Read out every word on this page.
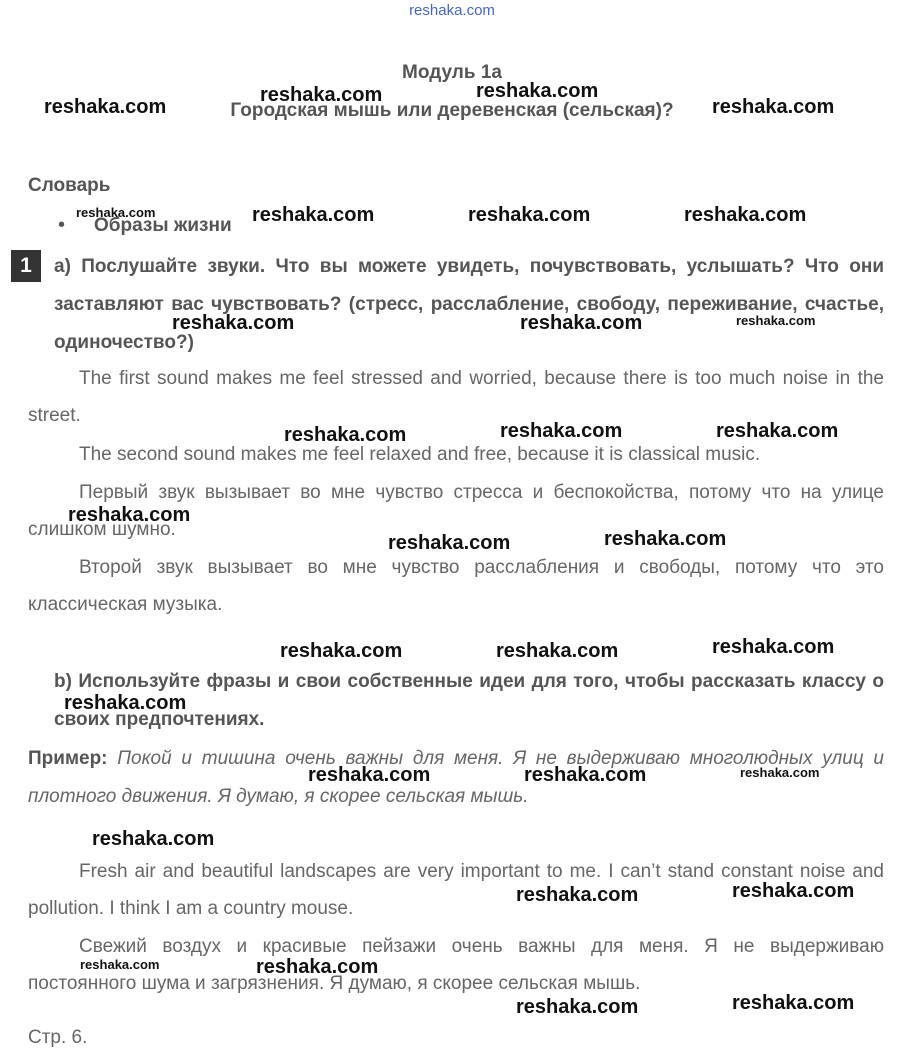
reshaka.com
Модуль 1a
Городская мышь или деревенская (сельская)?
Словарь
• Образы жизни
1	a) Послушайте звуки. Что вы можете увидеть, почувствовать, услышать? Что они заставляют вас чувствовать? (стресс, расслабление, свободу, переживание, счастье, одиночество?)
The first sound makes me feel stressed and worried, because there is too much noise in the street.
The second sound makes me feel relaxed and free, because it is classical music.
Первый звук вызывает во мне чувство стресса и беспокойства, потому что на улице слишком шумно.
Второй звук вызывает во мне чувство расслабления и свободы, потому что это классическая музыка.
b) Используйте фразы и свои собственные идеи для того, чтобы рассказать классу о своих предпочтениях.
Пример: Покой и тишина очень важны для меня. Я не выдерживаю многолюдных улиц и плотного движения. Я думаю, я скорее сельская мышь.
Fresh air and beautiful landscapes are very important to me. I can’t stand constant noise and pollution. I think I am a country mouse.
Свежий воздух и красивые пейзажи очень важны для меня. Я не выдерживаю постоянного шума и загрязнения. Я думаю, я скорее сельская мышь.
Стр. 6.
reshaka.com
reshaka.com	reshaka.com
reshaka.com
reshaka.com	reshaka.com	reshaka.com	reshaka.com
reshaka.com	reshaka.com	reshaka.com
reshaka.com	reshaka.com	reshaka.com
reshaka.com
reshaka.com	reshaka.com
reshaka.com	reshaka.com	reshaka.com
reshaka.com
reshaka.com	reshaka.com	reshaka.com
reshaka.com
reshaka.com	reshaka.com
reshaka.com	reshaka.com
reshaka.com	reshaka.com
